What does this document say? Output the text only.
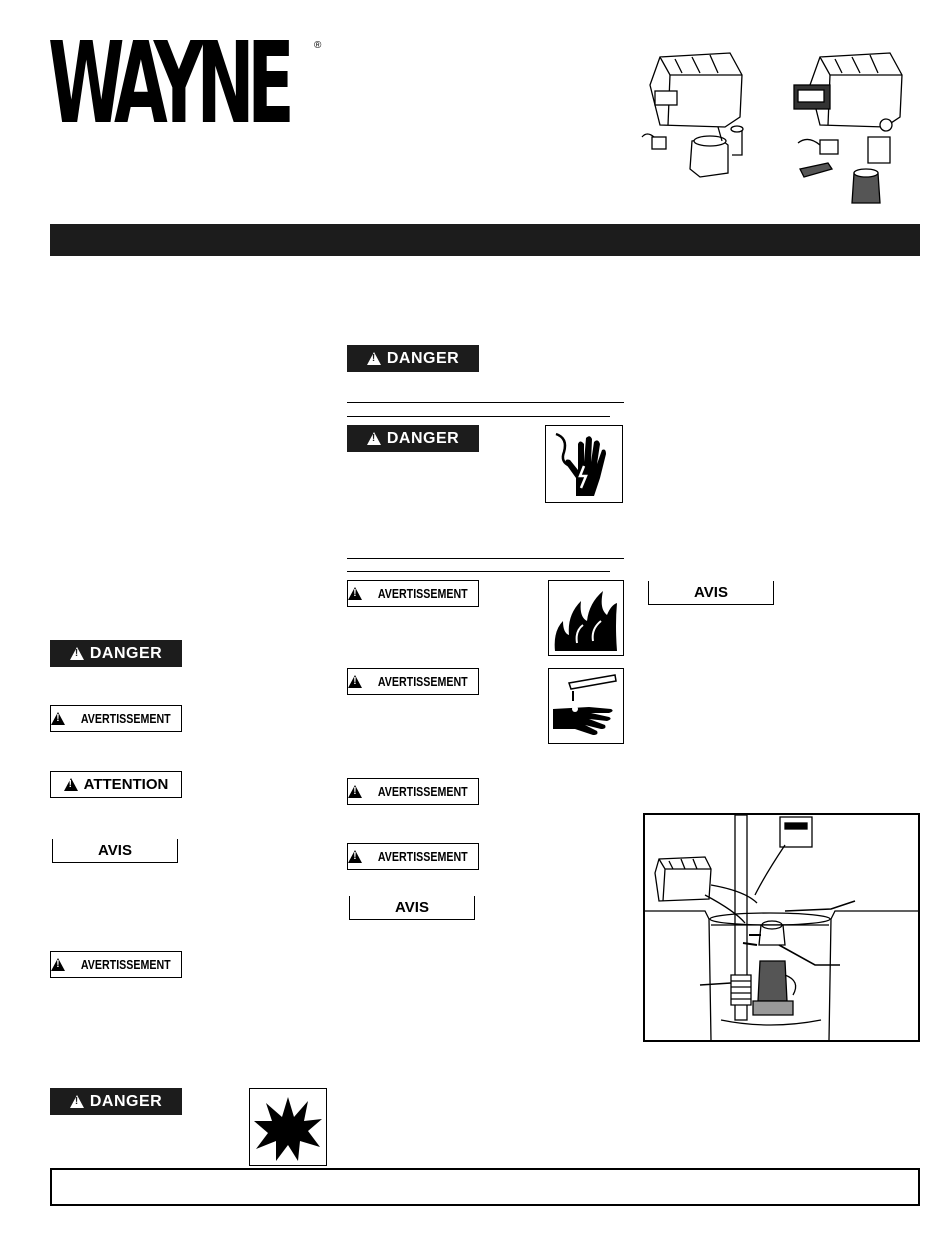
WAYNE	®
!
DANGER
!
DANGER
!
AVERTISSEMENT	AVIS
!
AVERTISSEMENT
!
AVERTISSEMENT
!
AVERTISSEMENT
AVIS
!
DANGER
!
AVERTISSEMENT
!
ATTENTION
AVIS
!
AVERTISSEMENT
!
DANGER
